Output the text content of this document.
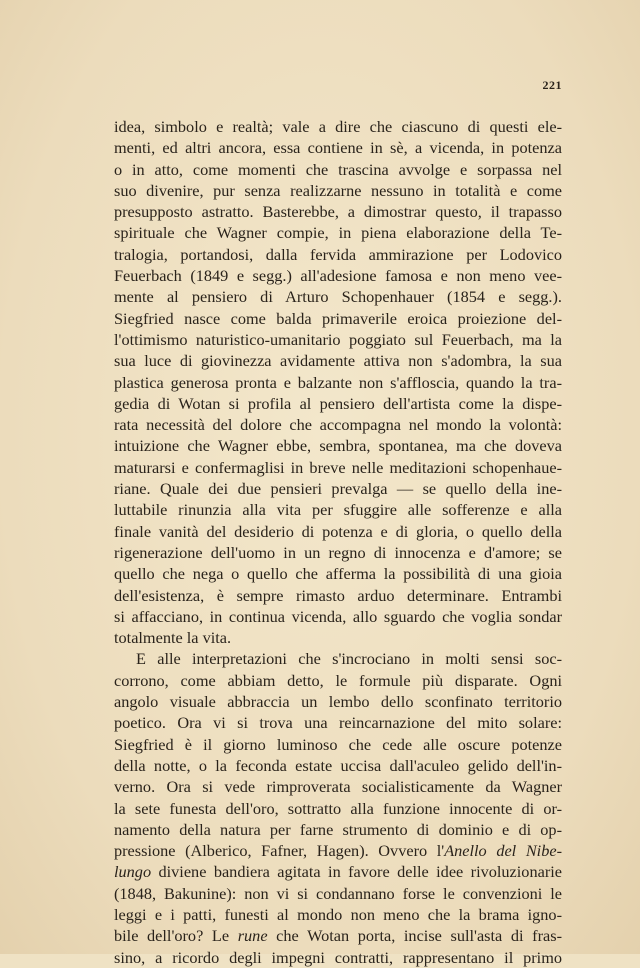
221
idea, simbolo e realtà; vale a dire che ciascuno di questi ele-
menti, ed altri ancora, essa contiene in sè, a vicenda, in potenza
o in atto, come momenti che trascina avvolge e sorpassa nel
suo divenire, pur senza realizzarne nessuno in totalità e come
presupposto astratto. Basterebbe, a dimostrar questo, il trapasso
spirituale che Wagner compie, in piena elaborazione della Te-
tralogia, portandosi, dalla fervida ammirazione per Lodovico
Feuerbach (1849 e segg.) all'adesione famosa e non meno vee-
mente al pensiero di Arturo Schopenhauer (1854 e segg.).
Siegfried nasce come balda primaverile eroica proiezione del-
l'ottimismo naturistico-umanitario poggiato sul Feuerbach, ma la
sua luce di giovinezza avidamente attiva non s'adombra, la sua
plastica generosa pronta e balzante non s'affloscia, quando la tra-
gedia di Wotan si profila al pensiero dell'artista come la dispe-
rata necessità del dolore che accompagna nel mondo la volontà:
intuizione che Wagner ebbe, sembra, spontanea, ma che doveva
maturarsi e confermaglisi in breve nelle meditazioni schopenhaue-
riane. Quale dei due pensieri prevalga — se quello della ine-
luttabile rinunzia alla vita per sfuggire alle sofferenze e alla
finale vanità del desiderio di potenza e di gloria, o quello della
rigenerazione dell'uomo in un regno di innocenza e d'amore; se
quello che nega o quello che afferma la possibilità di una gioia
dell'esistenza, è sempre rimasto arduo determinare. Entrambi
si affacciano, in continua vicenda, allo sguardo che voglia sondar
totalmente la vita.
E alle interpretazioni che s'incrociano in molti sensi soc-
corrono, come abbiam detto, le formule più disparate. Ogni
angolo visuale abbraccia un lembo dello sconfinato territorio
poetico. Ora vi si trova una reincarnazione del mito solare:
Siegfried è il giorno luminoso che cede alle oscure potenze
della notte, o la feconda estate uccisa dall'aculeo gelido dell'in-
verno. Ora si vede rimproverata socialisticamente da Wagner
la sete funesta dell'oro, sottratto alla funzione innocente di or-
namento della natura per farne strumento di dominio e di op-
pressione (Alberico, Fafner, Hagen). Ovvero l'Anello del Nibe-
lungo diviene bandiera agitata in favore delle idee rivoluzionarie
(1848, Bakunine): non vi si condannano forse le convenzioni le
leggi e i patti, funesti al mondo non meno che la brama igno-
bile dell'oro? Le rune che Wotan porta, incise sull'asta di fras-
sino, a ricordo degli impegni contratti, rappresentano il primo
